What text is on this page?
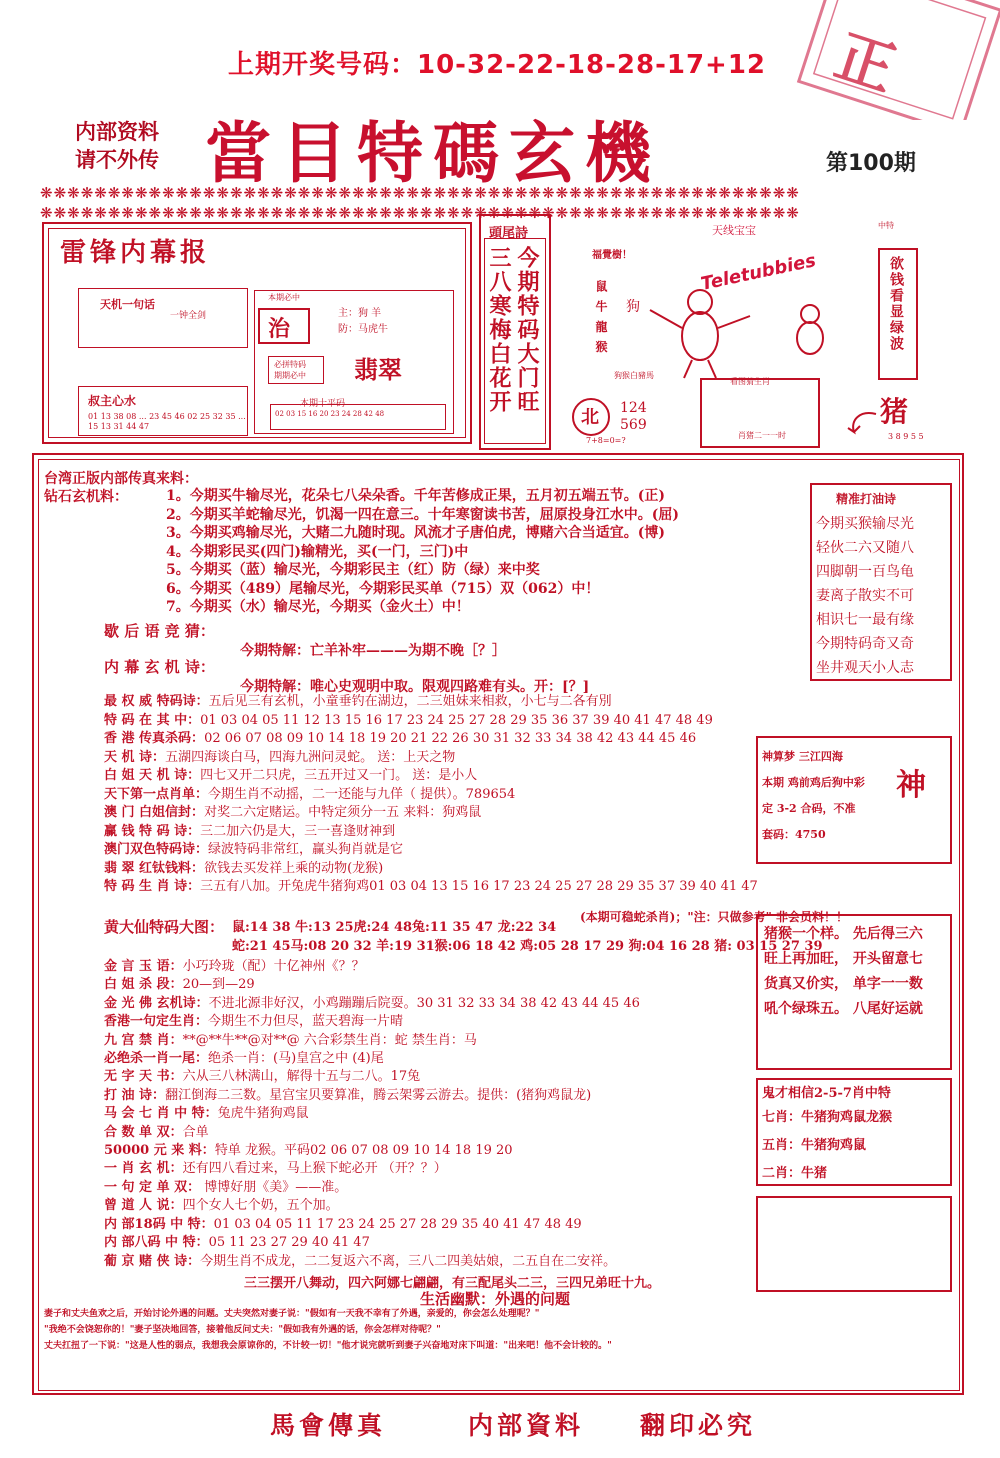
正
上期开奖号码：10-32-22-18-28-17+12
内部资料
请不外传 當目特碼玄機	第100期
❋❋❋❋❋❋❋❋❋❋❋❋❋❋❋❋❋❋❋❋❋❋❋❋❋❋❋❋❋❋❋❋❋❋❋❋❋❋❋❋❋❋❋❋❋❋❋❋❋❋❋❋❋❋❋❋
❋❋❋❋❋❋❋❋❋❋❋❋❋❋❋❋❋❋❋❋❋❋❋❋❋❋❋❋❋❋❋❋❋❋❋❋❋❋❋❋❋❋❋❋❋❋❋❋❋❋❋❋❋❋❋❋
雷锋内幕报
天机一句话
一钟全剑
叔主心水
01 13 38 08 ... 23 45 46 02 25 32 35 ... 15 13 31 44 47
本期必中
治
主：狗 羊
防：马虎牛
必拼特码
期期必中 翡翠
本期十平码
02 03 15 16 20 23 24 28 42 48
頭尾詩
今期特码大门旺
三八寒梅白花开
天线宝宝
Teletubbies
福覺樹！
鼠 牛 龍 猴 狗
狗猴白豬馬
北 124
569
7+8=0=?
看图猜生肖
肖猪二一一时
中特
欲钱看显绿波
猪
3 8 9 5 5
台湾正版内部传真来料：
钻石玄机料：	1。今期买牛输尽光，花朵七八朵朵香。千年苦修成正果，五月初五端五节。(正)
2。今期买羊蛇输尽光，饥渴一四在意三。十年寒窗读书苦，屈原投身江水中。(屈)
3。今期买鸡输尽光，大赌二九随时现。风流才子唐伯虎，博赌六合当适宜。(博)
4。今期彩民买(四门)输精光，买(一门，三门)中
5。今期买（蓝）输尽光，今期彩民主（红）防（绿）来中奖
6。今期买（489）尾输尽光，今期彩民买单（715）双（062）中！
7。今期买（水）输尽光，今期买（金火土）中！
歇 后 语 竞 猜：
今期特解：亡羊补牢———为期不晚［？］
内 幕 玄 机 诗：
今期特解：唯心史观明中取。限观四路难有头。开：[？]
最 权 威 特码诗：五后见三有玄机，小童垂钓在湖边，二三姐妹来相救，小七与二各有別
特 码 在 其 中：01 03 04 05 11 12 13 15 16 17 23 24 25 27 28 29 35 36 37 39 40 41 47 48 49
香 港 传真杀码：02 06 07 08 09 10 14 18 19 20 21 22 26 30 31 32 33 34 38 42 43 44 45 46
天 机 诗：五湖四海谈白马，四海九洲问灵蛇。 送：上天之物
白 姐 天 机 诗：四七又开二只虎，三五开过又一门。 送：是小人
天下第一点肖单：今期生肖不动摇，二一还能与九佯（ 提供）。789654
澳 门 白姐信封：对奖二六定赌运。中特定须分一五 来料：狗鸡鼠
赢 钱 特 码 诗：三二加六仍是大，三一喜逢财神到
澳门双色特码诗：绿波特码非常红，赢头狗肖就是它
翡 翠 红钛钱料：欲钱去买发祥上乘的动物(龙猴)
特 码 生 肖 诗：三五有八加。开兔虎牛猪狗鸡01 03 04 13 15 16 17 23 24 25 27 28 29 35 37 39 40 41 47
黄大仙特码大图： 鼠:14 38 牛:13 25虎:24 48兔:11 35 47 龙:22 34
(本期可稳蛇杀肖)；"注：只做参考" 非会员料！！
蛇:21 45马:08 20 32 羊:19 31猴:06 18 42 鸡:05 28 17 29 狗:04 16 28 猪: 03 15 27 39
金 言 玉 语：小巧玲珑（配）十亿神州《？？
白 姐 杀 段：20—到—29
金 光 佛 玄机诗：不进北源非好汉，小鸡蹦蹦后院耍。30 31 32 33 34 38 42 43 44 45 46
香港一句定生肖：今期生不力但尽，蓝天碧海一片晴
九 宫 禁 肖：**@**牛**@对**@ 六合彩禁生肖：蛇 禁生肖：马
必绝杀一肖一尾：绝杀一肖：(马)皇宫之中 (4)尾
无 字 天 书：六从三八林满山，解得十五与二八。17兔
打 油 诗：翻江倒海二三数。星宫宝贝要算准，腾云架雾云游去。提供：(猪狗鸡鼠龙)
马 会 七 肖 中 特：兔虎牛猪狗鸡鼠
合 数 单 双：合单
50000 元 来 料：特单 龙猴。平码02 06 07 08 09 10 14 18 19 20
一 肖 玄 机：还有四八看过来，马上猴下蛇必开 （开？？）
一 句 定 单 双： 博博好朋《美》——准。
曾 道 人 说：四个女人七个奶，五个加。
内 部18码 中 特：01 03 04 05 11 17 23 24 25 27 28 29 35 40 41 47 48 49
内 部八码 中 特：05 11 23 27 29 40 41 47
葡 京 赌 侠 诗：今期生肖不成龙，二二复返六不离，三八二四美姑娘，二五自在二安祥。
三三摆开八舞动，四六阿娜七翩翩，有三配尾头二三，三四兄弟旺十九。
生活幽默：外遇的问题
妻子和丈夫鱼欢之后，开始讨论外遇的问题。丈夫突然对妻子说："假如有一天我不幸有了外遇，亲爱的，你会怎么处理呢？"
"我绝不会饶恕你的！"妻子坚决地回答，接着他反问丈夫："假如我有外遇的话，你会怎样对待呢？"
丈夫扛扭了一下说："这是人性的弱点，我想我会原谅你的，不计较一切！"他才说完就听到妻子兴奋地对床下叫道："出来吧！他不会计较的。"
精准打油诗
今期买猴输尽光
轻伙二六又随八
四脚朝一百鸟龟
妻离子散实不可
相识七一最有缘
今期特码奇又奇
坐井观天小人志
神算梦 三江四海
本期 鸡前鸡后狗中彩
定 3-2 合码，不准
套码：4750
神
猪猴一个样。 先后得三六
旺上再加旺， 开头留意七
货真又价实， 单字一一数
吼个绿珠五。 八尾好运就
鬼才相信2-5-7肖中特
七肖：牛猪狗鸡鼠龙猴
五肖：牛猪狗鸡鼠
二肖：牛猪
馬會傳真	内部資料 翻印必究
